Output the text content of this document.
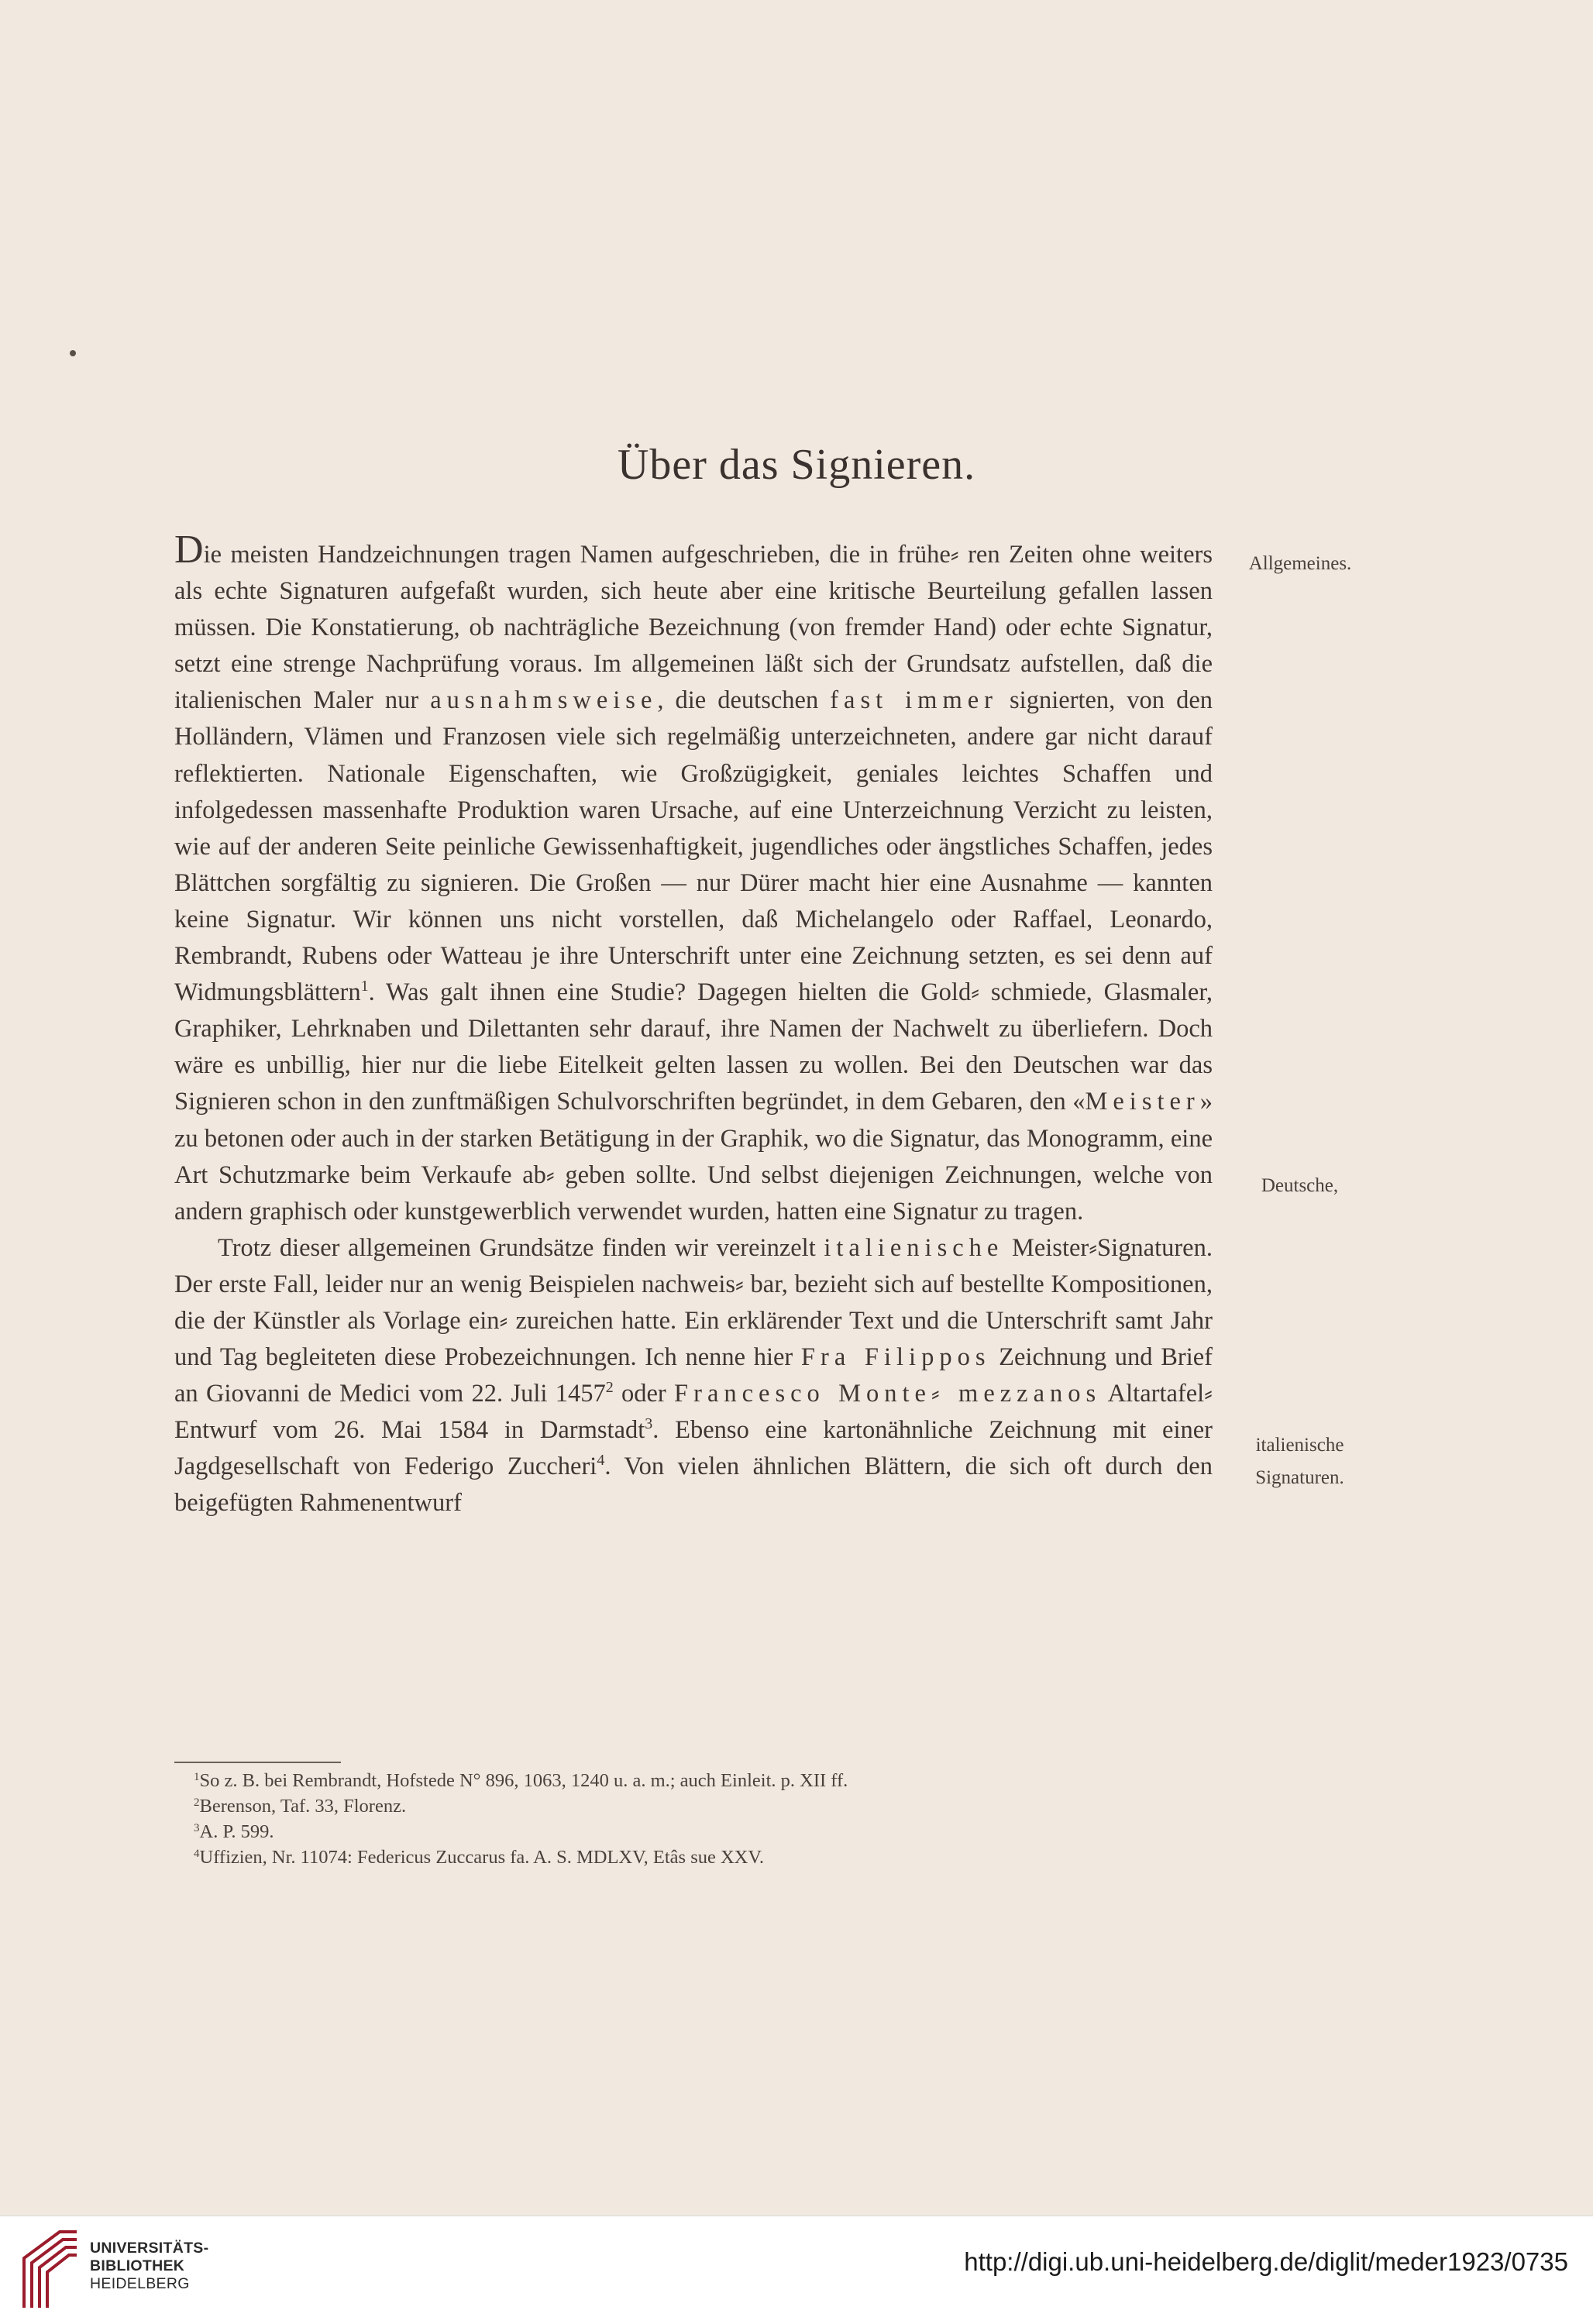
Über das Signieren.

Die meisten Handzeichnungen tragen Namen aufgeschrieben, die in frühe⸗ ren Zeiten ohne weiters als echte Signaturen aufgefaßt wurden, sich heute aber eine kritische Beurteilung gefallen lassen müssen. Die Konstatierung, ob nachträgliche Bezeichnung (von fremder Hand) oder echte Signatur, setzt eine strenge Nachprüfung voraus. Im allgemeinen läßt sich der Grundsatz aufstellen, daß die italienischen Maler nur ausnahmsweise, die deutschen fast immer signierten, von den Holländern, Vlämen und Franzosen viele sich regelmäßig unterzeichneten, andere gar nicht darauf reflektierten. Nationale Eigenschaften, wie Großzügigkeit, geniales leichtes Schaffen und infolgedessen massenhafte Produktion waren Ursache, auf eine Unterzeichnung Verzicht zu leisten, wie auf der anderen Seite peinliche Gewissenhaftigkeit, jugendliches oder ängstliches Schaffen, jedes Blättchen sorgfältig zu signieren. Die Großen — nur Dürer macht hier eine Ausnahme — kannten keine Signatur. Wir können uns nicht vorstellen, daß Michelangelo oder Raffael, Leonardo, Rembrandt, Rubens oder Watteau je ihre Unterschrift unter eine Zeichnung setzten, es sei denn auf Widmungsblättern$^1$. Was galt ihnen eine Studie? Dagegen hielten die Gold⸗ schmiede, Glasmaler, Graphiker, Lehrknaben und Dilettanten sehr darauf, ihre Namen der Nachwelt zu überliefern. Doch wäre es unbillig, hier nur die liebe Eitelkeit gelten lassen zu wollen. Bei den Deutschen war das Signieren schon in den zunftmäßigen Schulvorschriften begründet, in dem Gebaren, den «Meister» zu betonen oder auch in der starken Betätigung in der Graphik, wo die Signatur, das Monogramm, eine Art Schutzmarke beim Verkaufe ab⸗ geben sollte. Und selbst diejenigen Zeichnungen, welche von andern graphisch oder kunstgewerblich verwendet wurden, hatten eine Signatur zu tragen.

Trotz dieser allgemeinen Grundsätze finden wir vereinzelt italienische Meister⸗Signaturen. Der erste Fall, leider nur an wenig Beispielen nachweis⸗ bar, bezieht sich auf bestellte Kompositionen, die der Künstler als Vorlage ein⸗ zureichen hatte. Ein erklärender Text und die Unterschrift samt Jahr und Tag begleiteten diese Probezeichnungen. Ich nenne hier Fra Filippos Zeichnung und Brief an Giovanni de Medici vom 22. Juli 1457$^2$ oder Francesco Monte⸗ mezzanos Altartafel⸗Entwurf vom 26. Mai 1584 in Darmstadt$^3$. Ebenso eine kartonähnliche Zeichnung mit einer Jagdgesellschaft von Federigo Zuccheri$^4$. Von vielen ähnlichen Blättern, die sich oft durch den beigefügten Rahmenentwurf

Allgemeines.
Deutsche,
italienische
Signaturen.
$^1$So z. B. bei Rembrandt, Hofstede N° 896, 1063, 1240 u. a. m.; auch Einleit. p. XII ff.
$^2$Berenson, Taf. 33, Florenz.
$^3$A. P. 599.
$^4$Uffizien, Nr. 11074: Federicus Zuccarus fa. A. S. MDLXV, Etâs sue XXV.
UNIVERSITÄTS-
BIBLIOTHEK
HEIDELBERG
http://digi.ub.uni-heidelberg.de/diglit/meder1923/0735
